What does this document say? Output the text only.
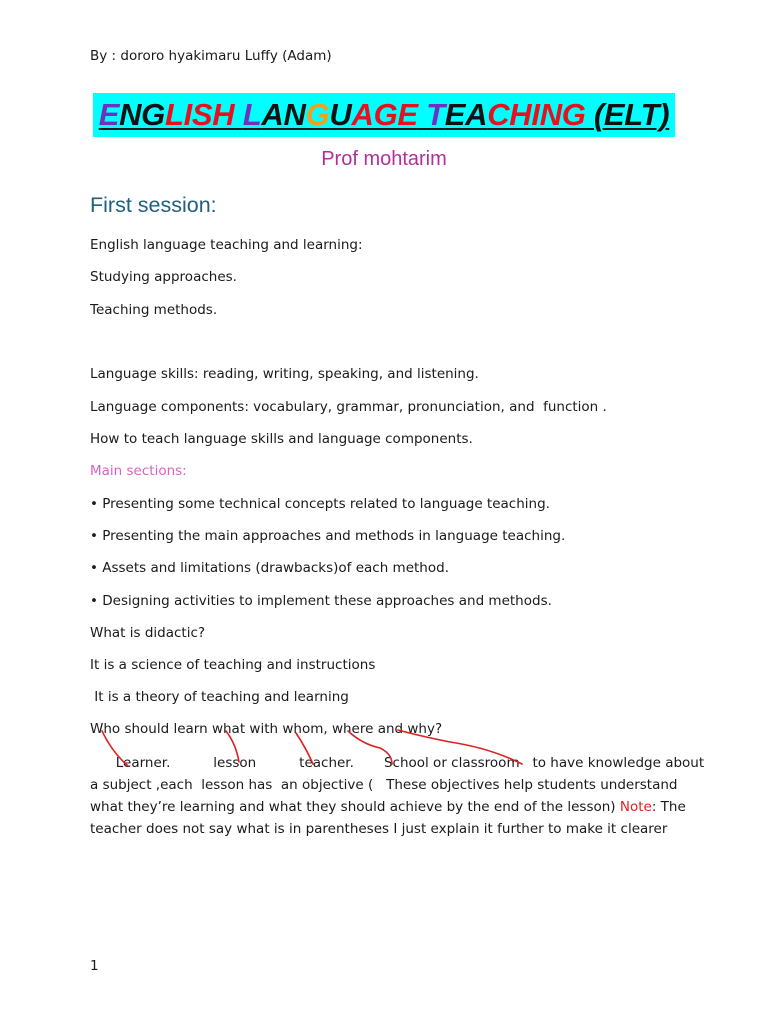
By : dororo hyakimaru Luffy (Adam)
ENGLISH LANGUAGE TEACHING (ELT)
Prof mohtarim
First session:
English language teaching and learning:
Studying approaches.
Teaching methods.
Language skills: reading, writing, speaking, and listening.
Language components: vocabulary, grammar, pronunciation, and  function .
How to teach language skills and language components.
Main sections:
• Presenting some technical concepts related to language teaching.
• Presenting the main approaches and methods in language teaching.
• Assets and limitations (drawbacks)of each method.
• Designing activities to implement these approaches and methods.
What is didactic?
It is a science of teaching and instructions
It is a theory of teaching and learning
Who should learn what with whom, where and why?
Learner.          lesson          teacher.       School or classroom   to have knowledge about
a subject ,each  lesson has  an objective (   These objectives help students understand
what they’re learning and what they should achieve by the end of the lesson) Note: The
teacher does not say what is in parentheses I just explain it further to make it clearer
1
